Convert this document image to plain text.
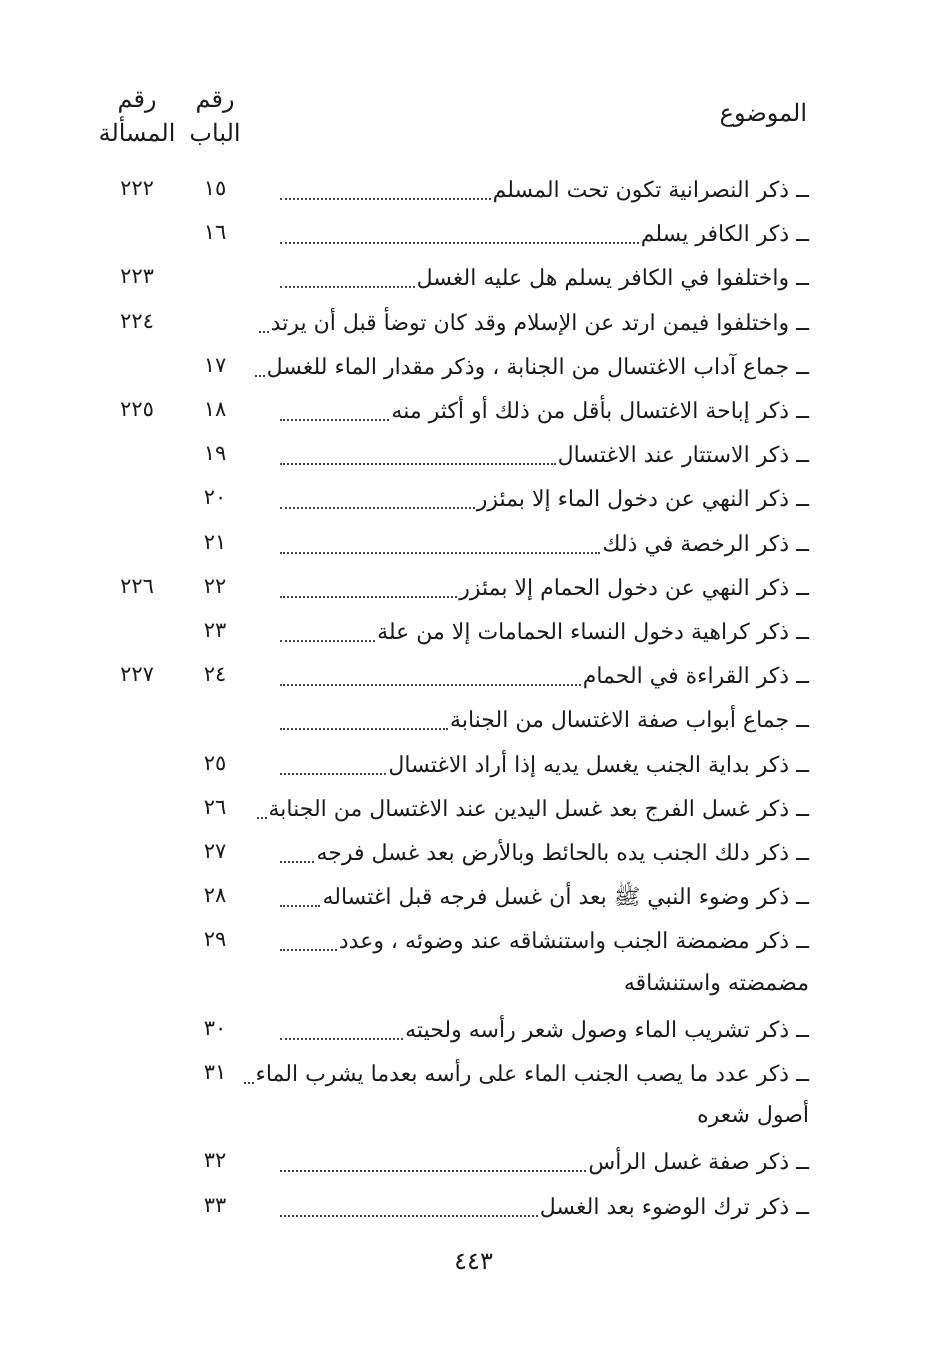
الموضوع
رقم
الباب
رقم
المسألة
ــ ذكر النصرانية تكون تحت المسلم
١٥
٢٢٢
ــ ذكر الكافر يسلم
١٦
ــ واختلفوا في الكافر يسلم هل عليه الغسل
٢٢٣
ــ واختلفوا فيمن ارتد عن الإسلام وقد كان توضأ قبل أن يرتد
٢٢٤
ــ جماع آداب الاغتسال من الجنابة ، وذكر مقدار الماء للغسل
١٧
ــ ذكر إباحة الاغتسال بأقل من ذلك أو أكثر منه
١٨
٢٢٥
ــ ذكر الاستتار عند الاغتسال
١٩
ــ ذكر النهي عن دخول الماء إلا بمئزر
٢٠
ــ ذكر الرخصة في ذلك
٢١
ــ ذكر النهي عن دخول الحمام إلا بمئزر
٢٢
٢٢٦
ــ ذكر كراهية دخول النساء الحمامات إلا من علة
٢٣
ــ ذكر القراءة في الحمام
٢٤
٢٢٧
ــ جماع أبواب صفة الاغتسال من الجنابة
ــ ذكر بداية الجنب يغسل يديه إذا أراد الاغتسال
٢٥
ــ ذكر غسل الفرج بعد غسل اليدين عند الاغتسال من الجنابة
٢٦
ــ ذكر دلك الجنب يده بالحائط وبالأرض بعد غسل فرجه
٢٧
ــ ذكر وضوء النبي ﷺ بعد أن غسل فرجه قبل اغتساله
٢٨
ــ ذكر مضمضة الجنب واستنشاقه عند وضوئه ، وعدد
٢٩
مضمضته واستنشاقه
ــ ذكر تشريب الماء وصول شعر رأسه ولحيته
٣٠
ــ ذكر عدد ما يصب الجنب الماء على رأسه بعدما يشرب الماء
٣١
أصول شعره
ــ ذكر صفة غسل الرأس
٣٢
ــ ذكر ترك الوضوء بعد الغسل
٣٣
٤٤٣
